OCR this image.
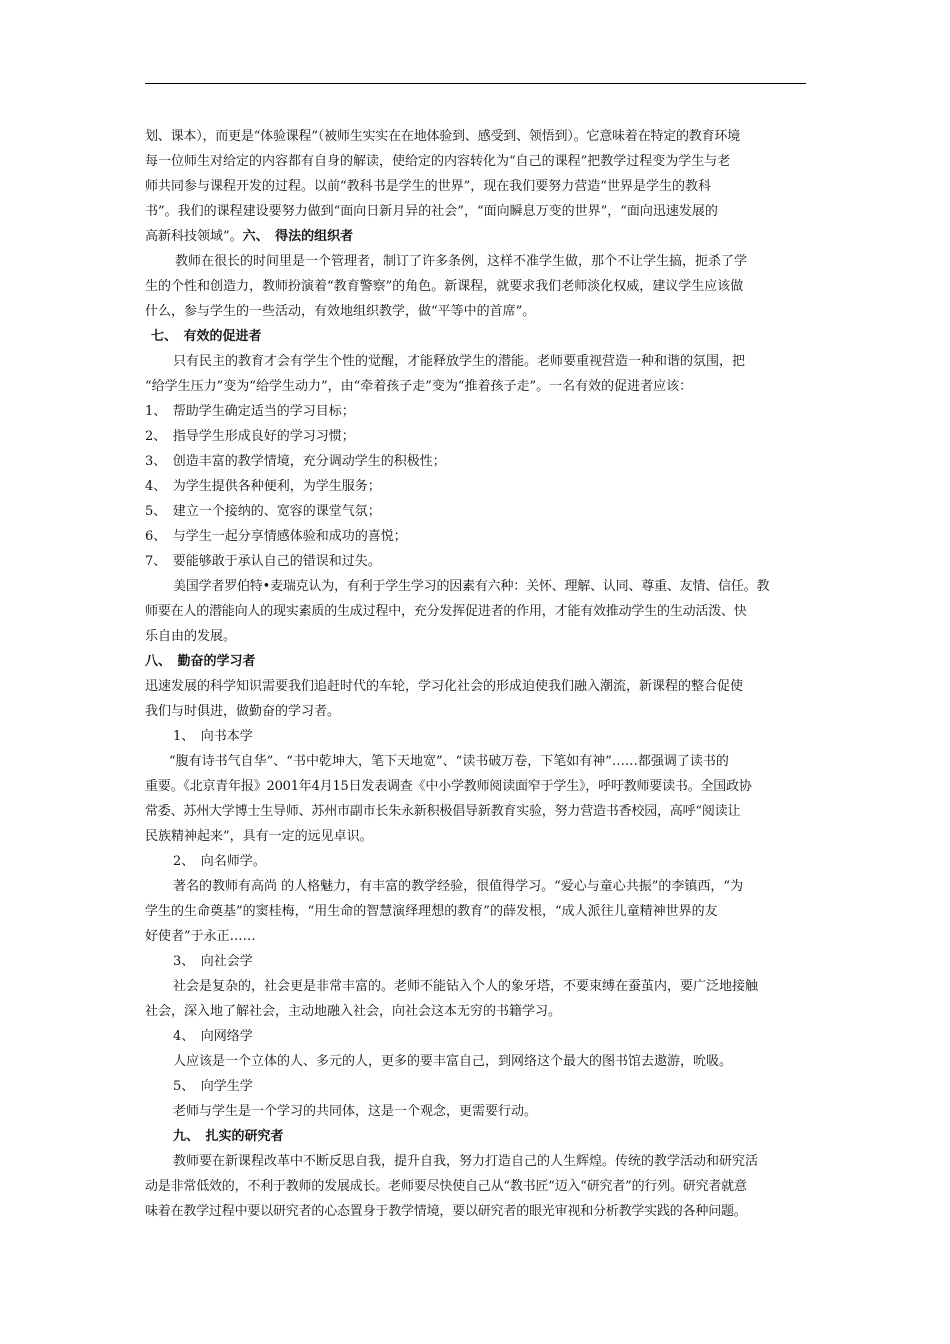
划、课本），而更是“体验课程”（被师生实实在在地体验到、感受到、领悟到）。它意味着在特定的教育环境

每一位师生对给定的内容都有自身的解读，使给定的内容转化为“自己的课程”把教学过程变为学生与老

师共同参与课程开发的过程。以前“教科书是学生的世界”，现在我们要努力营造“世界是学生的教科

书”。我们的课程建设要努力做到“面向日新月异的社会”，“面向瞬息万变的世界”，“面向迅速发展的

高新科技领域”。六、　得法的组织者

教师在很长的时间里是一个管理者，制订了许多条例，这样不准学生做，那个不让学生搞，扼杀了学

生的个性和创造力，教师扮演着“教育警察”的角色。新课程，就要求我们老师淡化权威，建议学生应该做

什么，参与学生的一些活动，有效地组织教学，做“平等中的首席”。

七、　有效的促进者

只有民主的教育才会有学生个性的觉醒，才能释放学生的潜能。老师要重视营造一种和谐的氛围，把

“给学生压力”变为“给学生动力”，由“牵着孩子走”变为“推着孩子走”。一名有效的促进者应该：

1、　帮助学生确定适当的学习目标；

2、　指导学生形成良好的学习习惯；

3、　创造丰富的教学情境，充分调动学生的积极性；

4、　为学生提供各种便利，为学生服务；

5、　建立一个接纳的、宽容的课堂气氛；

6、　与学生一起分享情感体验和成功的喜悦；

7、　要能够敢于承认自己的错误和过失。

美国学者罗伯特•麦瑞克认为，有利于学生学习的因素有六种：关怀、理解、认同、尊重、友情、信任。教

师要在人的潜能向人的现实素质的生成过程中，充分发挥促进者的作用，才能有效推动学生的生动活泼、快

乐自由的发展。

八、　勤奋的学习者

迅速发展的科学知识需要我们追赶时代的车轮，学习化社会的形成迫使我们融入潮流，新课程的整合促使

我们与时俱进，做勤奋的学习者。

1、　向书本学

“腹有诗书气自华”、“书中乾坤大，笔下天地宽”、“读书破万卷，下笔如有神”……都强调了读书的

重要。《北京青年报》2001年4月15日发表调查《中小学教师阅读面窄于学生》，呼吁教师要读书。全国政协

常委、苏州大学博士生导师、苏州市副市长朱永新积极倡导新教育实验，努力营造书香校园，高呼“阅读让

民族精神起来”，具有一定的远见卓识。

2、　向名师学。

著名的教师有高尚 的人格魅力，有丰富的教学经验，很值得学习。“爱心与童心共振”的李镇西，“为

学生的生命奠基”的窦桂梅，“用生命的智慧演绎理想的教育”的薛发根，“成人派往儿童精神世界的友

好使者”于永正……

3、　向社会学

社会是复杂的，社会更是非常丰富的。老师不能钻入个人的象牙塔，不要束缚在蚕茧内，要广泛地接触

社会，深入地了解社会，主动地融入社会，向社会这本无穷的书籍学习。

4、　向网络学

人应该是一个立体的人、多元的人，更多的要丰富自己，到网络这个最大的图书馆去遨游，吮吸。

5、　向学生学

老师与学生是一个学习的共同体，这是一个观念，更需要行动。

九、　扎实的研究者

教师要在新课程改革中不断反思自我，提升自我，努力打造自己的人生辉煌。传统的教学活动和研究活

动是非常低效的，不利于教师的发展成长。老师要尽快使自己从“教书匠”迈入“研究者”的行列。研究者就意

味着在教学过程中要以研究者的心态置身于教学情境，要以研究者的眼光审视和分析教学实践的各种问题。
